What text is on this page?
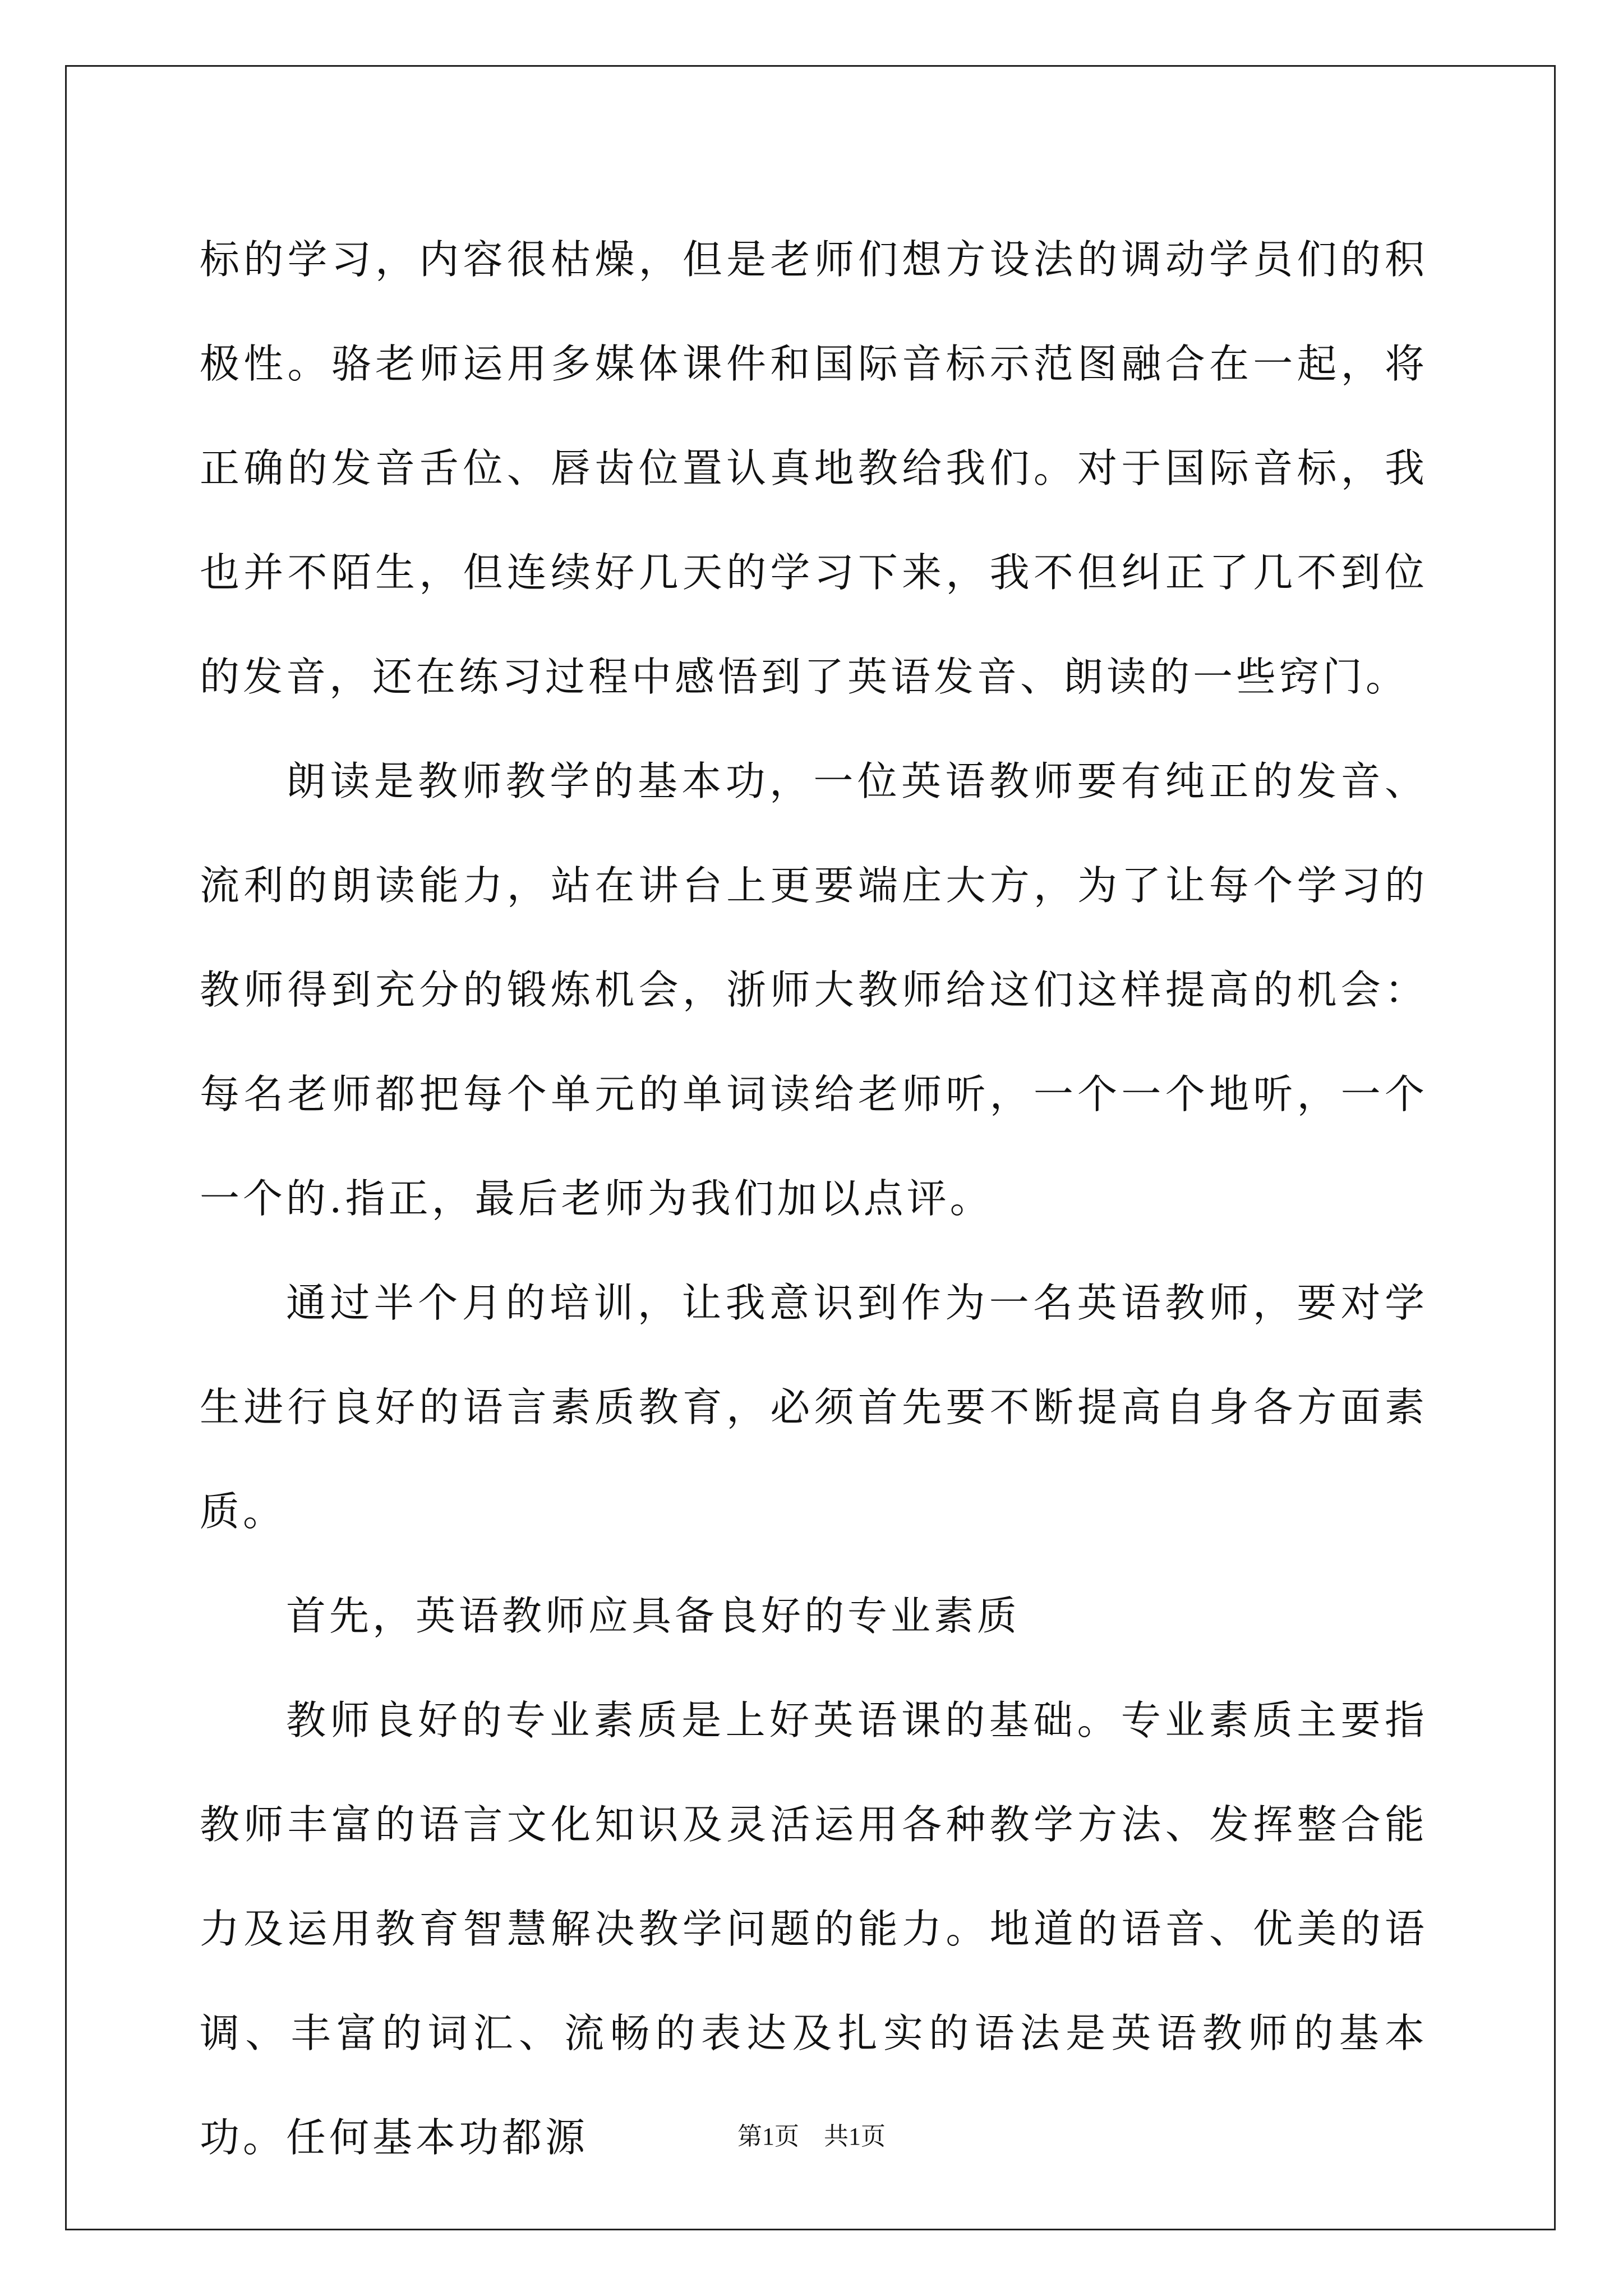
标的学习，内容很枯燥，但是老师们想方设法的调动学员们的积极性。骆老师运用多媒体课件和国际音标示范图融合在一起，将正确的发音舌位、唇齿位置认真地教给我们。对于国际音标，我也并不陌生，但连续好几天的学习下来，我不但纠正了几不到位的发音，还在练习过程中感悟到了英语发音、朗读的一些窍门。

朗读是教师教学的基本功，一位英语教师要有纯正的发音、流利的朗读能力，站在讲台上更要端庄大方，为了让每个学习的教师得到充分的锻炼机会，浙师大教师给这们这样提高的机会：每名老师都把每个单元的单词读给老师听，一个一个地听，一个一个的.指正，最后老师为我们加以点评。

通过半个月的培训，让我意识到作为一名英语教师，要对学生进行良好的语言素质教育，必须首先要不断提高自身各方面素质。

首先，英语教师应具备良好的专业素质

教师良好的专业素质是上好英语课的基础。专业素质主要指教师丰富的语言文化知识及灵活运用各种教学方法、发挥整合能力及运用教育智慧解决教学问题的能力。地道的语音、优美的语调、丰富的词汇、流畅的表达及扎实的语法是英语教师的基本功。任何基本功都源	第1页　共1页
